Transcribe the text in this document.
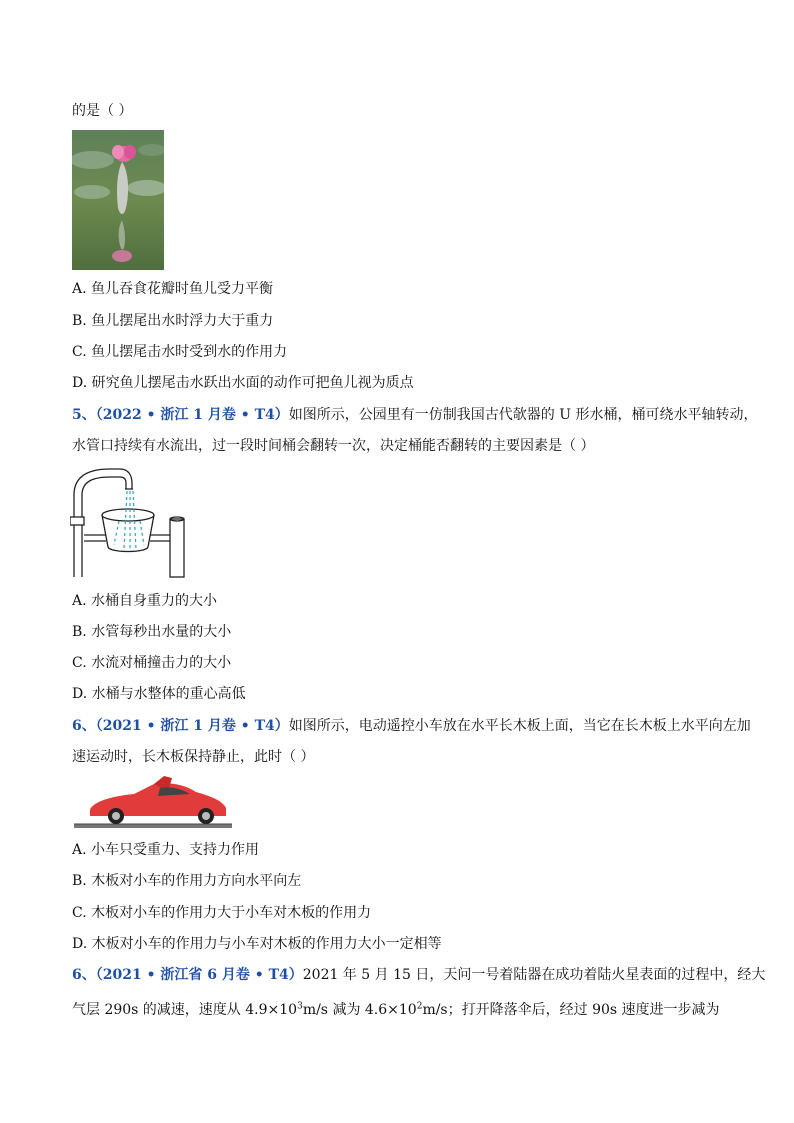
的是（ ）
A. 鱼儿吞食花瓣时鱼儿受力平衡
B. 鱼儿摆尾出水时浮力大于重力
C. 鱼儿摆尾击水时受到水的作用力
D. 研究鱼儿摆尾击水跃出水面的动作可把鱼儿视为质点
5、（2022 • 浙江 1 月卷 • T4）如图所示，公园里有一仿制我国古代欹器的 U 形水桶，桶可绕水平轴转动，
水管口持续有水流出，过一段时间桶会翻转一次，决定桶能否翻转的主要因素是（ ）
A. 水桶自身重力的大小
B. 水管每秒出水量的大小
C. 水流对桶撞击力的大小
D. 水桶与水整体的重心高低
6、（2021 • 浙江 1 月卷 • T4）如图所示，电动遥控小车放在水平长木板上面，当它在长木板上水平向左加
速运动时，长木板保持静止，此时（ ）
A. 小车只受重力、支持力作用
B. 木板对小车的作用力方向水平向左
C. 木板对小车的作用力大于小车对木板的作用力
D. 木板对小车的作用力与小车对木板的作用力大小一定相等
6、（2021 • 浙江省 6 月卷 • T4）2021 年 5 月 15 日，天问一号着陆器在成功着陆火星表面的过程中，经大
气层 290s 的减速，速度从 $4.9\times 10^3m/s$ 减为 $4.6\times 10^2m/s$；打开降落伞后，经过 90s 速度进一步减为
